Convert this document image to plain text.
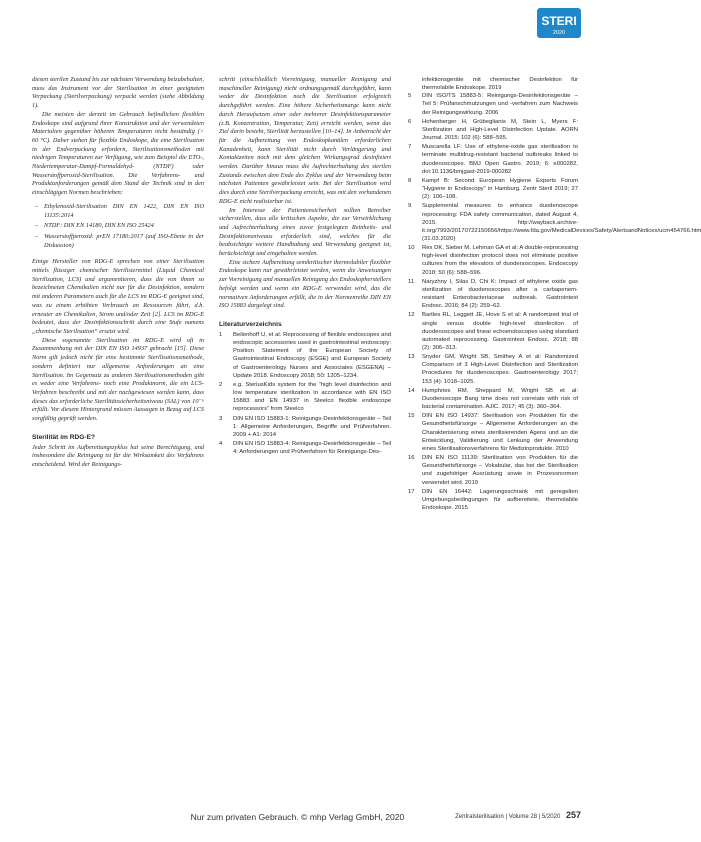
STERI
2020

diesen sterilen Zustand bis zur nächsten Verwendung beizubehalten, muss das Instrument vor der Sterilisation in einer geeigneten Verpackung (Sterilverpackung) verpackt werden (siehe Abbildung 1).

Die meisten der derzeit im Gebrauch befindlichen flexiblen Endoskope sind aufgrund ihrer Konstruktion und der verwendeten Materialien gegenüber höheren Temperaturen nicht beständig (> 60 °C). Daher stehen für flexible Endoskope, die eine Sterilisation in der Endverpackung erfordern, Sterilisationsmethoden mit niedrigen Temperaturen zur Verfügung, wie zum Beispiel die ETO-, Niedertemperatur-Dampf-Formaldehyd- (NTDF) oder Wasserstoffperoxid-Sterilisation. Die Verfahrens- und Produktanforderungen gemäß dem Stand der Technik sind in den einschlägigen Normen beschrieben:

– Ethylenoxid-Sterilisation DIN EN 1422, DIN EN ISO 11135:2014
– NTDF: DIN EN 14180, DIN EN ISO 25424
– Wasserstoffperoxid: prEN 17180:2017 (auf ISO-Ebene in der Diskussion)

Einige Hersteller von RDG-E sprechen von einer Sterilisation mittels flüssiger chemischer Sterilisiermittel (Liquid Chemical Sterilization, LCS) und argumentieren, dass die von ihnen so bezeichneten Chemikalien nicht nur für die Desinfektion, sondern mit anderen Parametern auch für die LCS im RDG-E geeignet sind, was zu einem erhöhten Verbrauch an Ressourcen führt, d.h. erneuter an Chemikalien, Strom und/oder Zeit [2]. LCS im RDG-E bedeutet, dass der Desinfektionsschritt durch eine Stufe namens „chemische Sterilisation“ ersetzt wird.

Diese sogenannte Sterilisation im RDG-E wird oft in Zusammenhang mit der DIN EN ISO 14937 gebracht [15]. Diese Norm gilt jedoch nicht für eine bestimmte Sterilisationsmethode, sondern definiert nur allgemeine Anforderungen an eine Sterilisation. Im Gegensatz zu anderen Sterilisationsmethoden gibt es weder eine Verfahrens- noch eine Produktnorm, die ein LCS-Verfahren beschreibt und mit der nachgewiesen werden kann, dass dieses das erforderliche Sterilitätssicherheitsniveau (SAL) von 10⁻⁶ erfüllt. Vor diesem Hintergrund müssen Aussagen in Bezug auf LCS sorgfältig geprüft werden.

Sterilität im RDG-E?

Jeder Schritt im Aufbereitungszyklus hat seine Berechtigung, und insbesondere die Reinigung ist für die Wirksamkeit des Verfahrens entscheidend. Wird der Reinigungs-

schritt (einschließlich Vorreinigung, manueller Reinigung und maschineller Reinigung) nicht ordnungsgemäß durchgeführt, kann weder die Desinfektion noch die Sterilisation erfolgreich durchgeführt werden. Eine höhere Sicherheitsmarge kann nicht durch Heraufsetzen einer oder mehrerer Desinfektionsparameter (z.B. Konzentration, Temperatur, Zeit) erreicht werden, wenn das Ziel darin besteht, Sterilität herzustellen [10–14]. In Anbetracht der für die Aufbereitung von Endoskopkanälen erforderlichen Kanadenheit, kann Sterilität nicht durch Verlängerung und Kontaktzeiten noch mit dem gleichen Wirkungsgrad desinfiziert werden. Darüber hinaus muss die Aufrechterhaltung des sterilen Zustands zwischen dem Ende des Zyklus und der Verwendung beim nächsten Patienten gewährleistet sein. Bei der Sterilisation wird dies durch eine Sterilverpackung erreicht, was mit den vorhandenen RDG-E nicht realisierbar ist.

Im Interesse der Patientensicherheit sollten Betreiber sicherstellen, dass alle kritischen Aspekte, die zur Verwirklichung und Aufrechterhaltung eines zuvor festgelegten Reinheits- und Desinfektionsniveaus erforderlich sind, welches für die beabsichtigte weitere Handhabung und Verwendung geeignet ist, berücksichtigt und eingehalten werden.

Eine sichere Aufbereitung semikritischer thermolabiler flexibler Endoskope kann nur gewährleistet werden, wenn die Anweisungen zur Vorreinigung und manuellen Reinigung des Endoskopherstellers befolgt werden und wenn ein RDG-E verwendet wird, das die normativen Anforderungen erfüllt, die in der Normenreihe DIN EN ISO 15883 dargelegt sind.

Literaturverzeichnis
1 Beilenhoff U, et al. Reprocessing of flexible endoscopes and endoscopic accessories used in gastrointestinal endoscopy: Position Statement of the European Society of Gastrointestinal Endoscopy (ESGE) and European Society of Gastroenterology Nurses and Associates (ESGENA) – Update 2018. Endoscopy 2018; 50: 1205–1234.
2 e.g. SteriusKids system for the “high level disinfection and low temperature sterilization in accordance with EN ISO 15883 and EN 14937 in Steelco flexible endoscope reprocessors” from Steelco
3 DIN EN ISO 15883-1: Reinigungs-Desinfektionsgeräte – Teil 1: Allgemeine Anforderungen, Begriffe und Prüfverfahren. 2009 + A1: 2014
4 DIN EN ISO 15883-4: Reinigungs-Desinfektionsgeräte – Teil 4: Anforderungen und Prüfverfahren für Reinigungs-Des-
infektionsgeräte mit chemischer Desinfektion für thermolabile Endoskope. 2019
5 DIN ISO/TS 15883-5: Reinigungs-Desinfektionsgeräte – Teil 5: Prüfanschmutzungen und -verfahren zum Nachweis der Reinigungswirkung. 2006
6 Hohenberger H, Grübeglianis M, Stein L, Myers F: Sterilization and High-Level Disinfection Update. AORN Journal. 2015; 102 (6): 588–595.
7 Muscarella LF: Use of ethylene-oxide gas sterilisation to terminate multidrug-resistant bacterial outbreaks linked to duodenoscopes. BMJ Open Gastro. 2019; 6: e000282, doi:10.1136/bmjgast-2019-000282
8 Kampf B: Second European Hygiene Experts Forum “Hygiene in Endoscopy” in Hamburg. Zentr Steril 2019; 27 (2): 106–108.
9 Supplemental measures to enhance duodenoscope reprocessing: FDA safety communication, dated August 4, 2015. http://wayback.archive-it.org/7993/20170722150656/https://www.fda.gov/MedicalDevices/Safety/AlertsandNotices/ucm454766.htm (31.03.2020)
10 Rex DK, Sieber M, Lehman GA et al: A double-reprocessing high-level disinfection protocol does not eliminate positive cultures from the elevators of duodenoscopes. Endoscopy 2018; 50 (6): 588–596.
11 Naryzhny I, Silas D, Chi K: Impact of ethylene oxide gas sterilization of duodenoscopes after a carbapenem-resistant Enterobacteriaceae outbreak. Gastrointest Endosc. 2016; 84 (2): 259–62.
12 Bartles RL, Leggett JE, Hove S et al: A randomized trial of single versus double high-level disinfection of duodenoscopes and linear echoendoscopes using standard automated reprocessing. Gastrointest Endosc. 2018; 88 (2): 306–313.
13 Snyder GM, Wright SB, Smithey A et al: Randomized Comparison of 3 High-Level Disinfection and Sterilization Procedures for duodenoscopes. Gastroenterology 2017; 153 (4): 1018–1025.
14 Humphries RM, Sheppard M, Wright SB et al: Duodenoscope Bang time does not correlate with risk of bacterial contamination. AJIC. 2017; 45 (3): 360–364.
15 DIN EN ISO 14937: Sterilisation von Produkten für die Gesundheitsfürsorge – Allgemeine Anforderungen an die Charakterisierung eines sterilisierenden Agens und an die Entwicklung, Validierung und Lenkung der Anwendung eines Sterilisationsverfahrens für Medizinprodukte. 2010
16 DIN EN ISO 11139: Sterilisation von Produkten für die Gesundheitsfürsorge – Vokabular, das bei der Sterilisation und zugehöriger Ausrüstung sowie in Prozessnormen verwendet wird. 2019
17 DIN EN 16442: Lagerungsschrank mit geregelten Umgebungsbedingungen für aufbereitete, thermolabile Endoskope. 2015
Nur zum privaten Gebrauch. © mhp Verlag GmbH, 2020	Zentralsterilisation | Volume 28 | 5/2020 257
